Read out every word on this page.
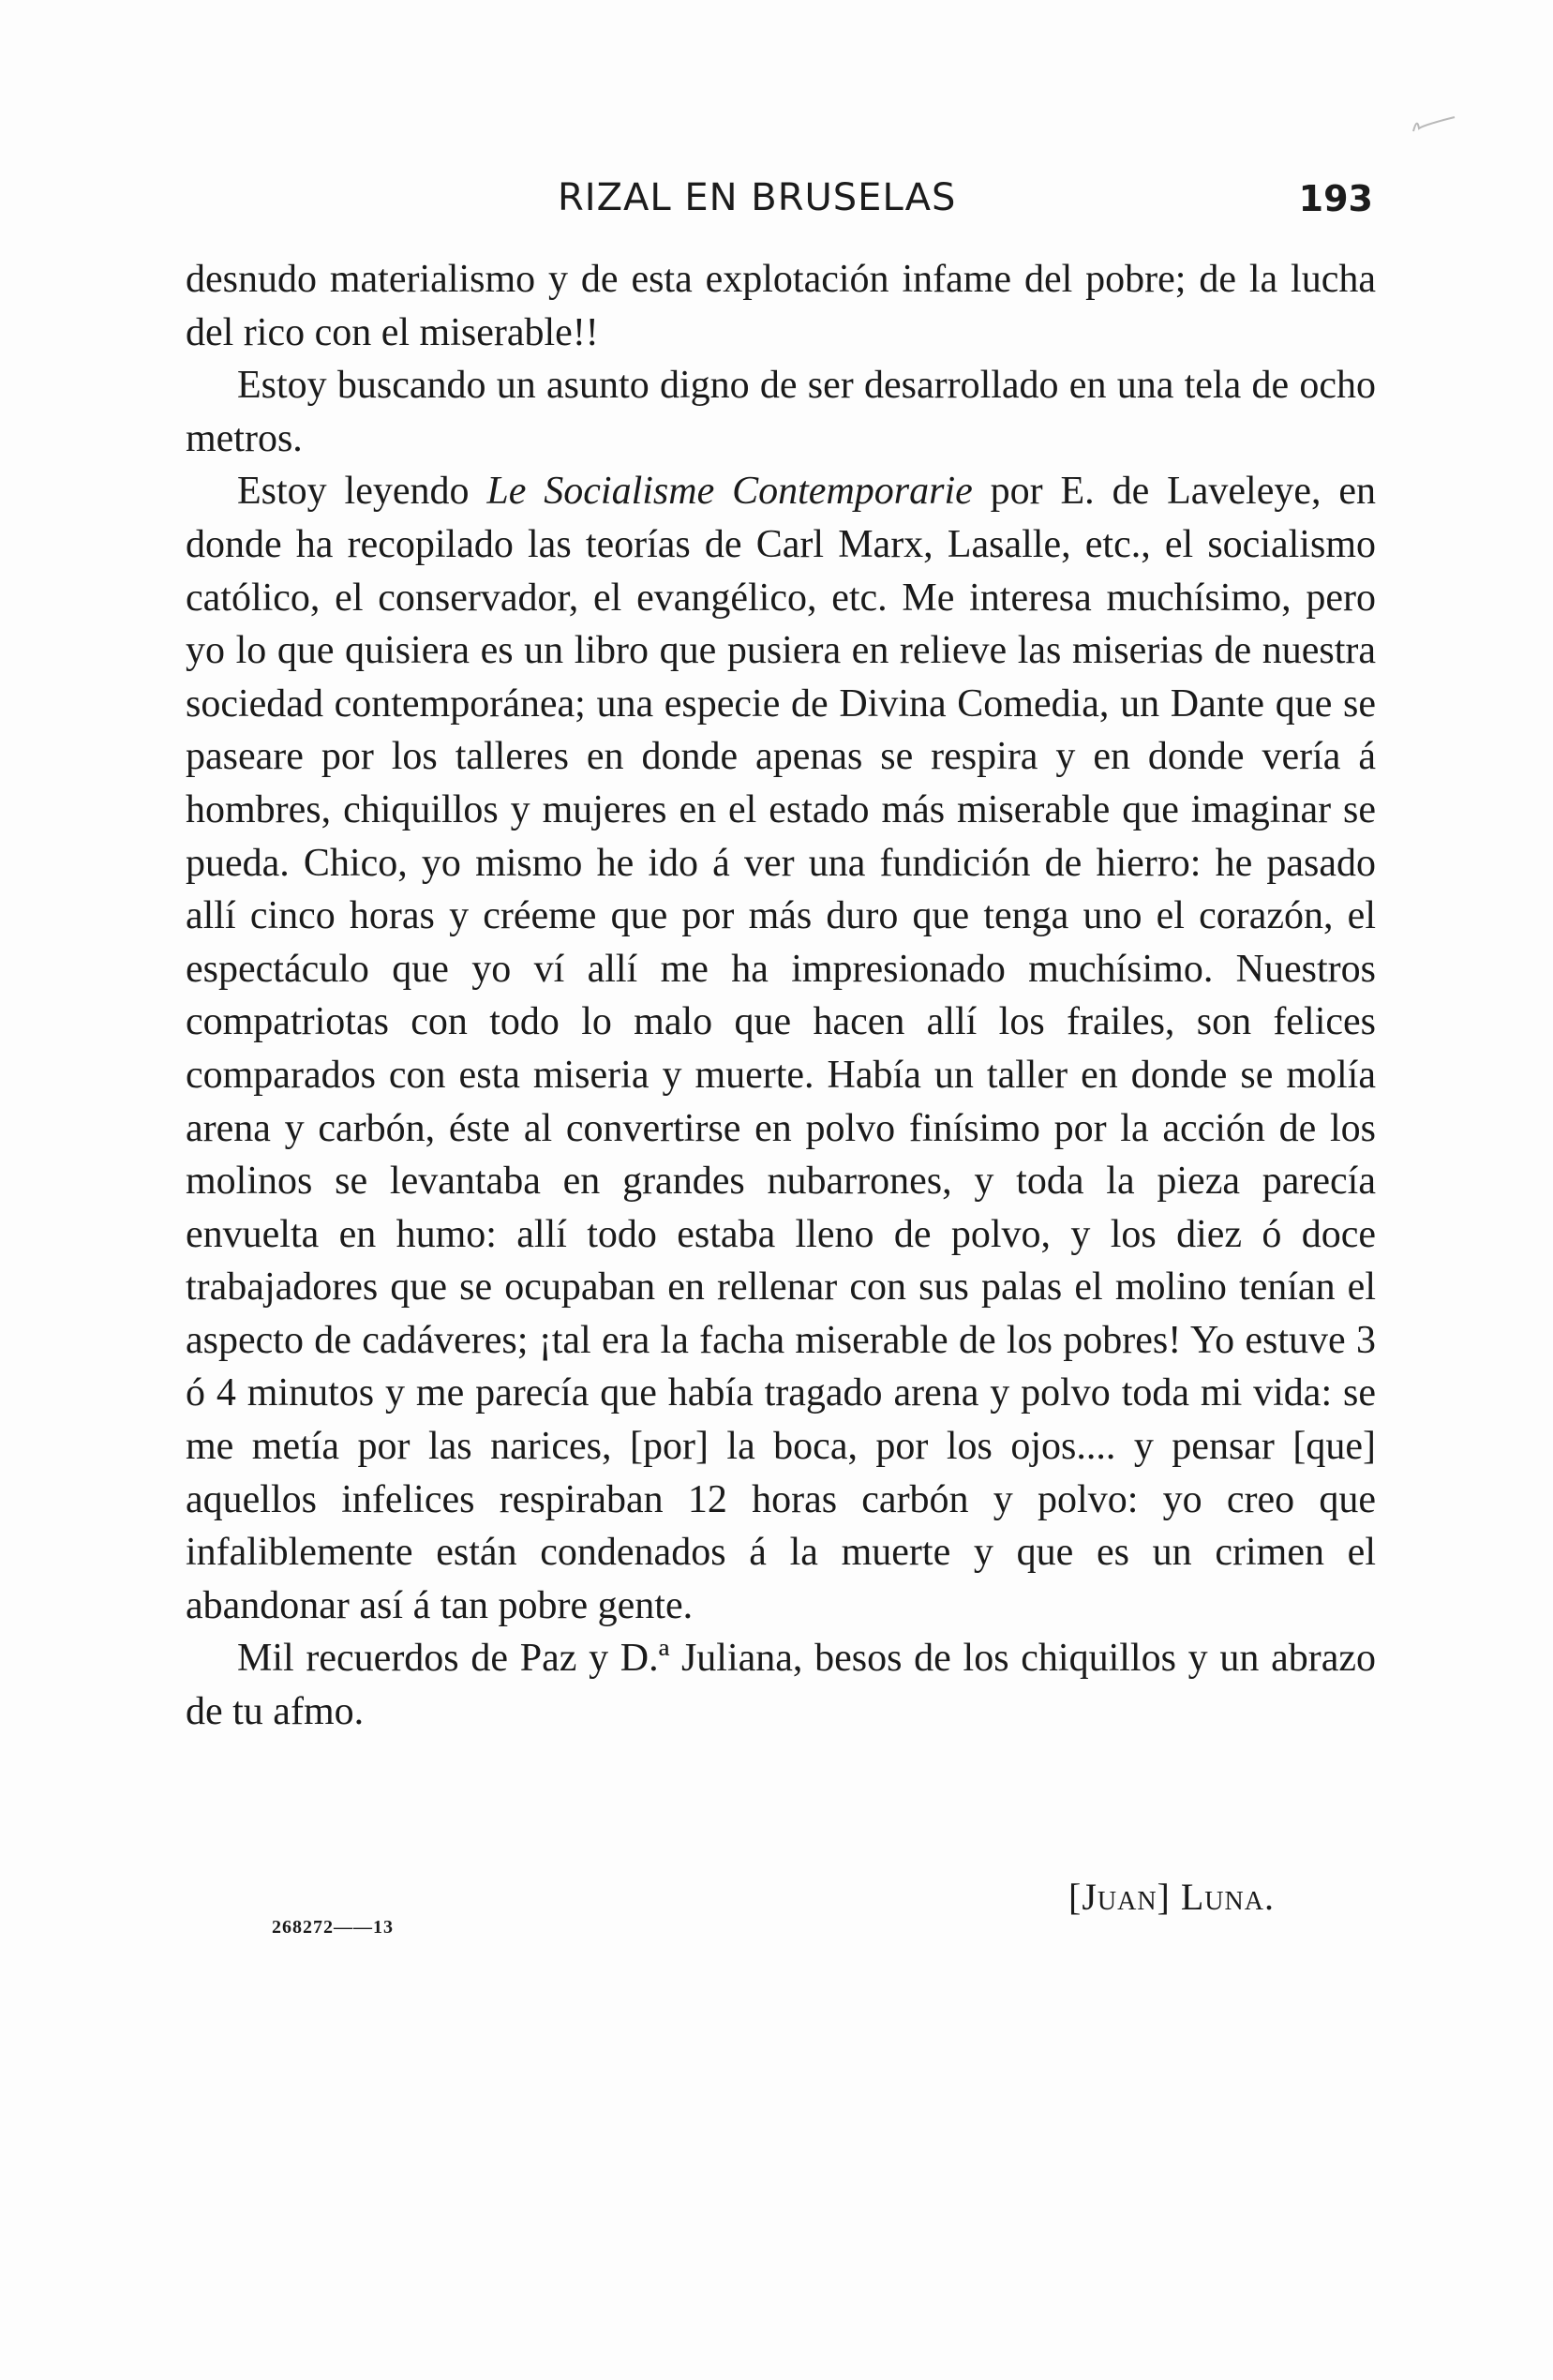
RIZAL EN BRUSELAS	193

desnudo materialismo y de esta explotación infame del pobre; de la lucha del rico con el miserable!!

Estoy buscando un asunto digno de ser desarrollado en una tela de ocho metros.

Estoy leyendo Le Socialisme Contemporarie por E. de Laveleye, en donde ha recopilado las teorías de Carl Marx, Lasalle, etc., el socialismo católico, el conservador, el evangélico, etc. Me interesa muchísimo, pero yo lo que quisiera es un libro que pusiera en relieve las miserias de nuestra sociedad contemporánea; una especie de Divina Comedia, un Dante que se paseare por los talleres en donde apenas se respira y en donde vería á hombres, chiquillos y mujeres en el estado más miserable que imaginar se pueda. Chico, yo mismo he ido á ver una fundición de hierro: he pasado allí cinco horas y créeme que por más duro que tenga uno el corazón, el espectáculo que yo ví allí me ha impresionado muchísimo. Nuestros compatriotas con todo lo malo que hacen allí los frailes, son felices comparados con esta miseria y muerte. Había un taller en donde se molía arena y carbón, éste al convertirse en polvo finísimo por la acción de los molinos se levantaba en grandes nubarrones, y toda la pieza parecía envuelta en humo: allí todo estaba lleno de polvo, y los diez ó doce trabajadores que se ocupaban en rellenar con sus palas el molino tenían el aspecto de cadáveres; ¡tal era la facha miserable de los pobres! Yo estuve 3 ó 4 minutos y me parecía que había tragado arena y polvo toda mi vida: se me metía por las narices, [por] la boca, por los ojos.... y pensar [que] aquellos infelices respiraban 12 horas carbón y polvo: yo creo que infaliblemente están condenados á la muerte y que es un crimen el abandonar así á tan pobre gente.

Mil recuerdos de Paz y D.ª Juliana, besos de los chiquillos y un abrazo de tu afmo.

[Juan] Luna.
268272——13
